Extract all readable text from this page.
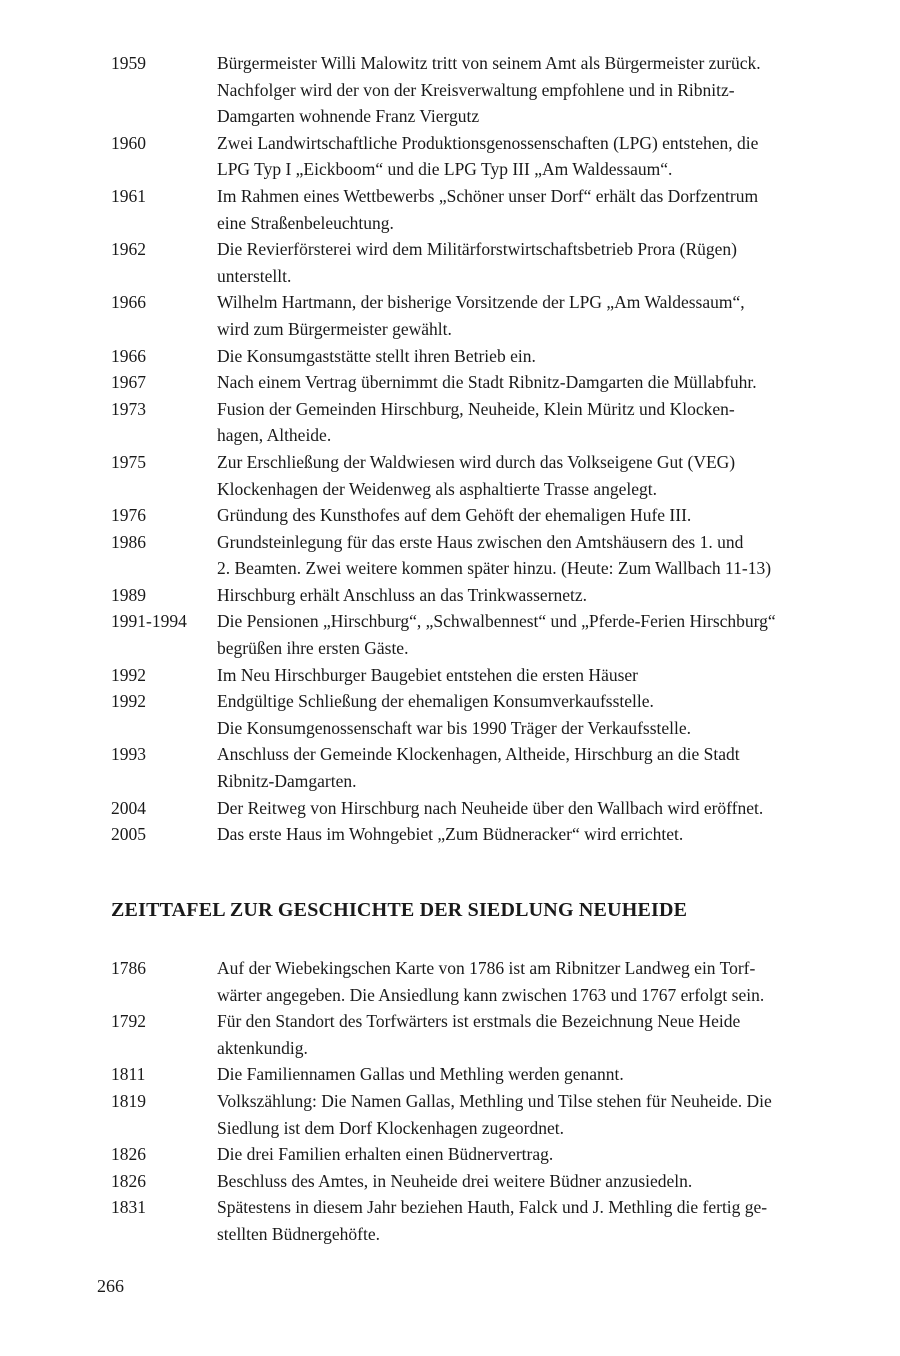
1959	Bürgermeister Willi Malowitz tritt von seinem Amt als Bürgermeister zurück.
Nachfolger wird der von der Kreisverwaltung empfohlene und in Ribnitz-
Damgarten wohnende Franz Viergutz
1960	Zwei Landwirtschaftliche Produktionsgenossenschaften (LPG) entstehen, die
LPG Typ I „Eickboom“ und die LPG Typ III „Am Waldessaum“.
1961	Im Rahmen eines Wettbewerbs „Schöner unser Dorf“ erhält das Dorfzentrum
eine Straßenbeleuchtung.
1962	Die Revierförsterei wird dem Militärforstwirtschaftsbetrieb Prora (Rügen)
unterstellt.
1966	Wilhelm Hartmann, der bisherige Vorsitzende der LPG „Am Waldessaum“,
wird zum Bürgermeister gewählt.
1966	Die Konsumgaststätte stellt ihren Betrieb ein.
1967	Nach einem Vertrag übernimmt die Stadt Ribnitz-Damgarten die Müllabfuhr.
1973	Fusion der Gemeinden Hirschburg, Neuheide, Klein Müritz und Klocken-
hagen, Altheide.
1975	Zur Erschließung der Waldwiesen wird durch das Volkseigene Gut (VEG)
Klockenhagen der Weidenweg als asphaltierte Trasse angelegt.
1976	Gründung des Kunsthofes auf dem Gehöft der ehemaligen Hufe III.
1986	Grundsteinlegung für das erste Haus zwischen den Amtshäusern des 1. und
2. Beamten. Zwei weitere kommen später hinzu. (Heute: Zum Wallbach 11-13)
1989	Hirschburg erhält Anschluss an das Trinkwassernetz.
1991-1994	Die Pensionen „Hirschburg“, „Schwalbennest“ und „Pferde-Ferien Hirschburg“
begrüßen ihre ersten Gäste.
1992	Im Neu Hirschburger Baugebiet entstehen die ersten Häuser
1992	Endgültige Schließung der ehemaligen Konsumverkaufsstelle.
Die Konsumgenossenschaft war bis 1990 Träger der Verkaufsstelle.
1993	Anschluss der Gemeinde Klockenhagen, Altheide, Hirschburg an die Stadt
Ribnitz-Damgarten.
2004	Der Reitweg von Hirschburg nach Neuheide über den Wallbach wird eröffnet.
2005	Das erste Haus im Wohngebiet „Zum Büdneracker“ wird errichtet.
ZEITTAFEL ZUR GESCHICHTE DER SIEDLUNG NEUHEIDE
1786	Auf der Wiebekingschen Karte von 1786 ist am Ribnitzer Landweg ein Torf-
wärter angegeben. Die Ansiedlung kann zwischen 1763 und 1767 erfolgt sein.
1792	Für den Standort des Torfwärters ist erstmals die Bezeichnung Neue Heide
aktenkundig.
1811	Die Familiennamen Gallas und Methling werden genannt.
1819	Volkszählung: Die Namen Gallas, Methling und Tilse stehen für Neuheide. Die
Siedlung ist dem Dorf Klockenhagen zugeordnet.
1826	Die drei Familien erhalten einen Büdnervertrag.
1826	Beschluss des Amtes, in Neuheide drei weitere Büdner anzusiedeln.
1831	Spätestens in diesem Jahr beziehen Hauth, Falck und J. Methling die fertig ge-
stellten Büdnergehöfte.
266
